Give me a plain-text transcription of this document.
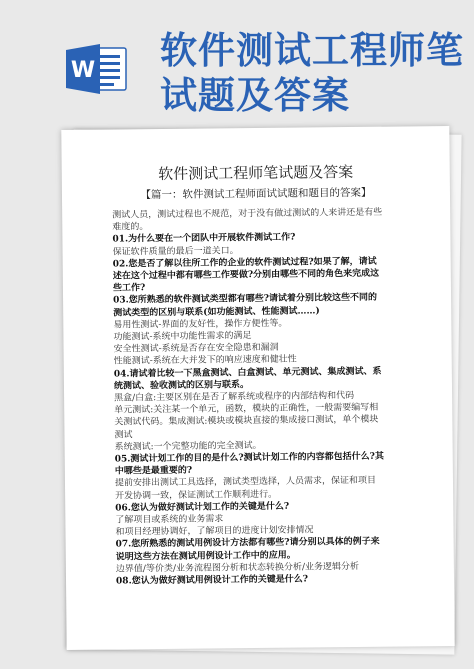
W 软件测试工程师笔
试题及答案
软件测试工程师笔试题及答案
【篇一：软件测试工程师面试试题和题目的答案】
测试人员，测试过程也不规范，对于没有做过测试的人来讲还是有些
难度的。
01.为什么要在一个团队中开展软件测试工作?
保证软件质量的最后一道关口。
02.您是否了解以往所工作的企业的软件测试过程?如果了解，请试
述在这个过程中都有哪些工作要做?分别由哪些不同的角色来完成这
些工作?
03.您所熟悉的软件测试类型都有哪些?请试着分别比较这些不同的
测试类型的区别与联系(如功能测试、性能测试……)
易用性测试-界面的友好性，操作方便性等。
功能测试-系统中功能性需求的满足
安全性测试-系统是否存在安全隐患和漏洞
性能测试-系统在大并发下的响应速度和健壮性
04.请试着比较一下黑盒测试、白盒测试、单元测试、集成测试、系
统测试、验收测试的区别与联系。
黑盒/白盒:主要区别在是否了解系统或程序的内部结构和代码
单元测试:关注某一个单元，函数，模块的正确性，一般需要编写相
关测试代码。集成测试:模块或模块直接的集成接口测试，单个模块
测试
系统测试:一个完整功能的完全测试。
05.测试计划工作的目的是什么?测试计划工作的内容都包括什么?其
中哪些是最重要的?
提前安排出测试工具选择，测试类型选择，人员需求，保证和项目
开发协调一致，保证测试工作顺利进行。
06.您认为做好测试计划工作的关键是什么?
了解项目或系统的业务需求
和项目经理协调好，了解项目的进度计划安排情况
07.您所熟悉的测试用例设计方法都有哪些?请分别以具体的例子来
说明这些方法在测试用例设计工作中的应用。
边界值/等价类/业务流程图分析和状态转换分析/业务逻辑分析
08.您认为做好测试用例设计工作的关键是什么?
